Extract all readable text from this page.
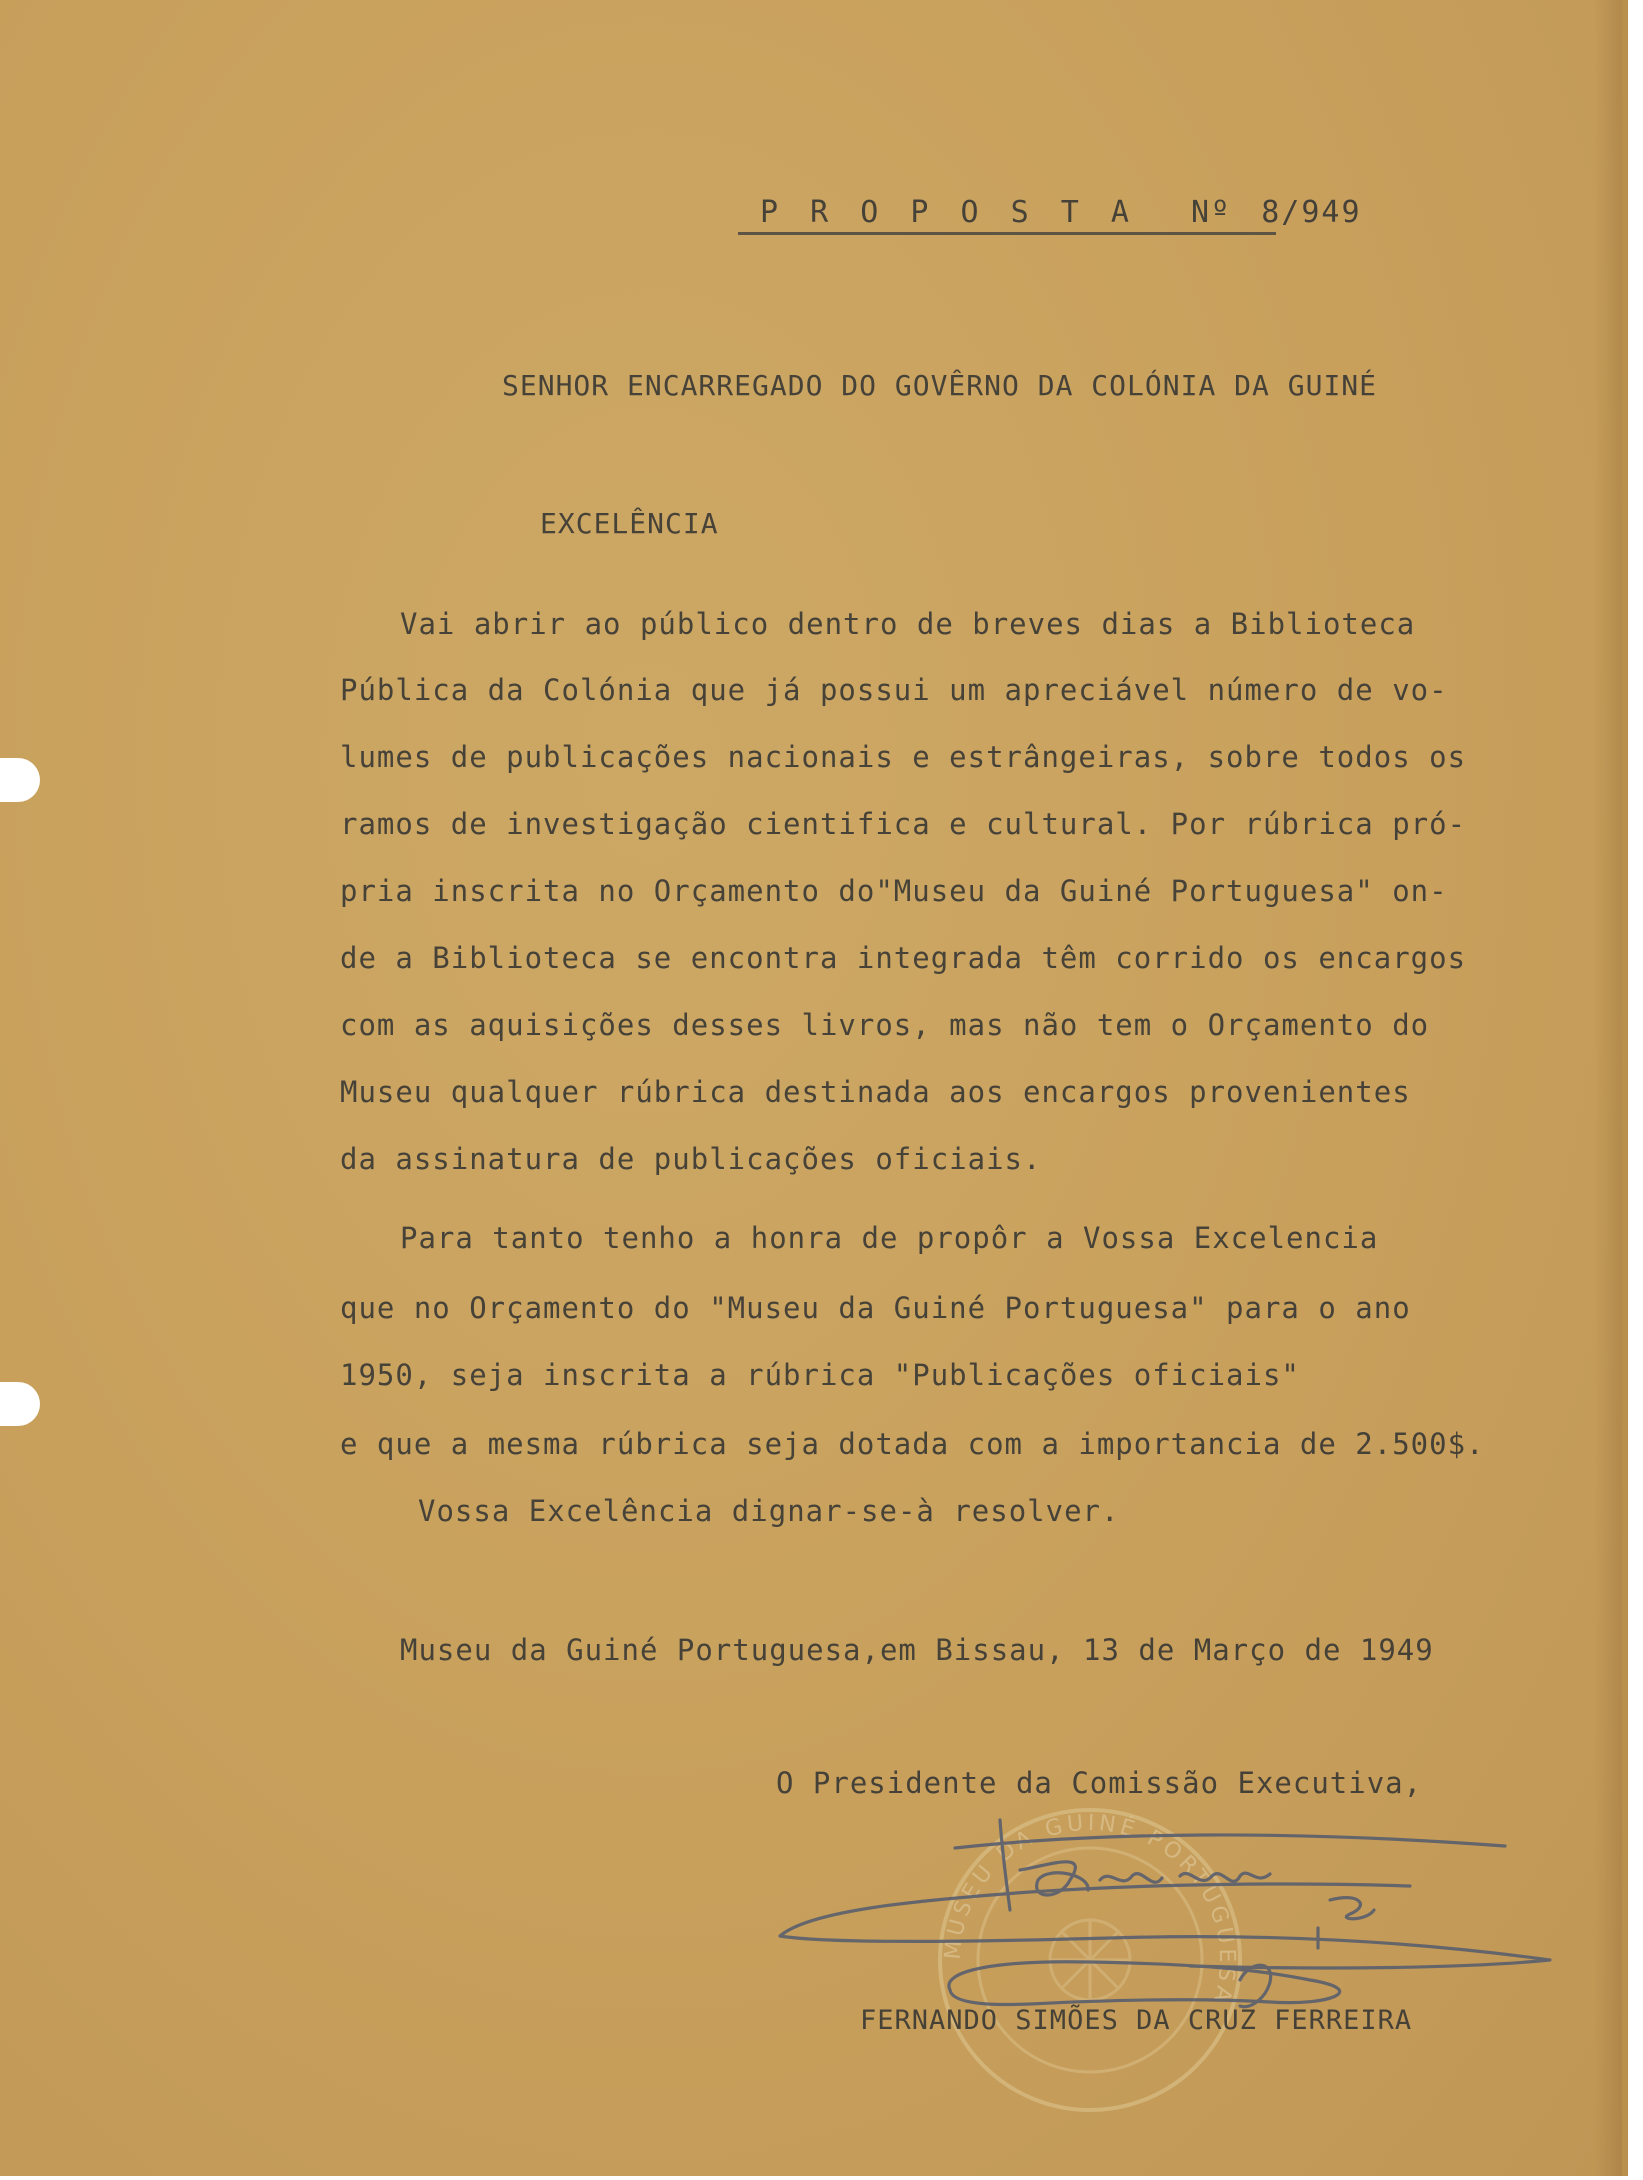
P R O P O S T A  Nº 8/949
SENHOR ENCARREGADO DO GOVÊRNO DA COLÓNIA DA GUINÉ
EXCELÊNCIA
Vai abrir ao público dentro de breves dias a Biblioteca
Pública da Colónia que já possui um apreciável número de vo-
lumes de publicações nacionais e estrângeiras, sobre todos os
ramos de investigação cientifica e cultural. Por rúbrica pró-
pria inscrita no Orçamento do"Museu da Guiné Portuguesa" on-
de a Biblioteca se encontra integrada têm corrido os encargos
com as aquisições desses livros, mas não tem o Orçamento do
Museu qualquer rúbrica destinada aos encargos provenientes
da assinatura de publicações oficiais.
Para tanto tenho a honra de propôr a Vossa Excelencia
que no Orçamento do "Museu da Guiné Portuguesa" para o ano
1950, seja inscrita a rúbrica "Publicações oficiais"
e que a mesma rúbrica seja dotada com a importancia de 2.500$.
Vossa Excelência dignar-se-à resolver.
Museu da Guiné Portuguesa,em Bissau, 13 de Março de 1949
O Presidente da Comissão Executiva,
MUSEU DA GUINÉ PORTUGUESA
FERNANDO SIMÕES DA CRUZ FERREIRA
